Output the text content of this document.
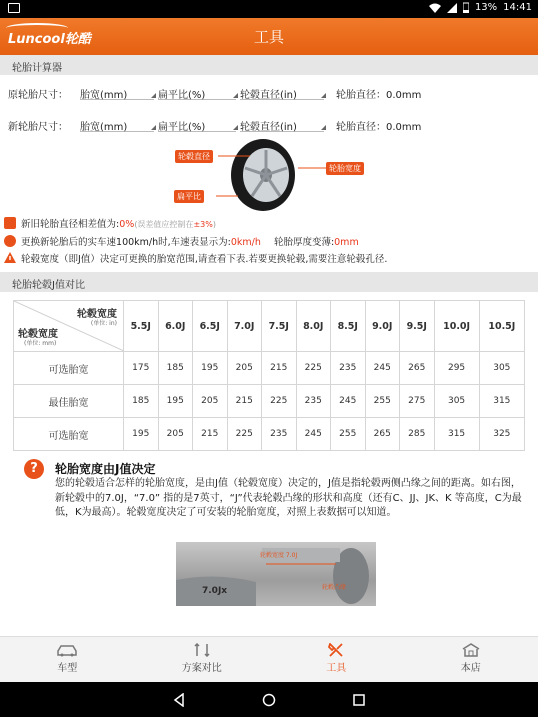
13% 14:41
Luncool轮酷	工具
轮胎计算器
原轮胎尺寸： 胎宽(mm)	扁平比(%)	轮毂直径(in)	轮胎直径：0.0mm
新轮胎尺寸： 胎宽(mm)	扁平比(%)	轮毂直径(in)	轮胎直径：0.0mm
轮毂直径
轮胎宽度
扁平比
新旧轮胎直径相差值为:0%(误差值应控制在±3%)
更换新轮胎后的实车速100km/h时,车速表显示为:0km/h 轮胎厚度变薄:0mm
轮毂宽度（即J值）决定可更换的胎宽范围,请查看下表.若要更换轮毂,需要注意轮毂孔径.
轮胎轮毂J值对比
轮毂宽度
(单位: in)
轮毂宽度
(单位: mm)	5.5J	6.0J	6.5J	7.0J	7.5J	8.0J	8.5J	9.0J	9.5J	10.0J	10.5J
可选胎宽	175	185	195	205	215	225	235	245	265	295	305
最佳胎宽	185	195	205	215	225	235	245	255	275	305	315
可选胎宽	195	205	215	225	235	245	255	265	285	315	325
?	轮胎宽度由J值决定
您的轮毂适合怎样的轮胎宽度，是由J值（轮毂宽度）决定的，J值是指轮毂两侧凸缘之间的距离。如右图，新轮毂中的7.0J，“7.0” 指的是7英寸，“J”代表轮毂凸缘的形状和高度（还有C、JJ、JK、K 等高度，C为最低，K为最高）。轮毂宽度决定了可安装的轮胎宽度，对照上表数据可以知道。
轮毂宽度 7.0J
轮毂凸缘
7.0Jx
车型	方案对比	工具	本店
